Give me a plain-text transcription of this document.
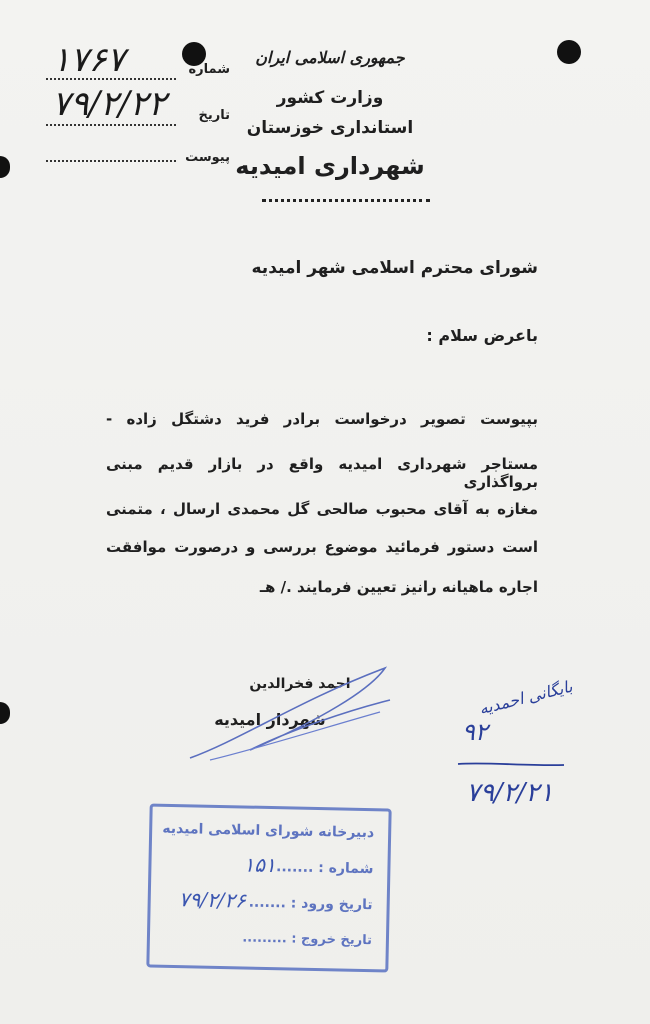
جمهوری اسلامی ایران
وزارت کشور
استانداری خوزستان
شهرداری امیدیه
شماره
۱۷۶۷
تاریخ
۷۹/۲/۲۲
پیوست
شورای محترم اسلامی شهر امیدیه
باعرض سلام :
بپیوست تصویر درخواست برادر فرید دشتگل زاده -
مستاجر شهرداری امیدیه واقع در بازار قدیم مبنی برواگذاری
مغازه به آقای محبوب صالحی گل محمدی ارسال ، متمنی
است دستور فرمائید موضوع بررسی و درصورت موافقت
اجاره ماهیانه رانیز تعیین فرمایند ./ هـ
احمد فخرالدین
شهردار امیدیه
بایگانی احمدیه
۹۲
۷۹/۲/۲۱
دبیرخانه شورای اسلامی امیدیه
شماره : .......
۱۵۱
تاریخ ورود : .......
۷۹/۲/۲۶
تاریخ خروج : .........
